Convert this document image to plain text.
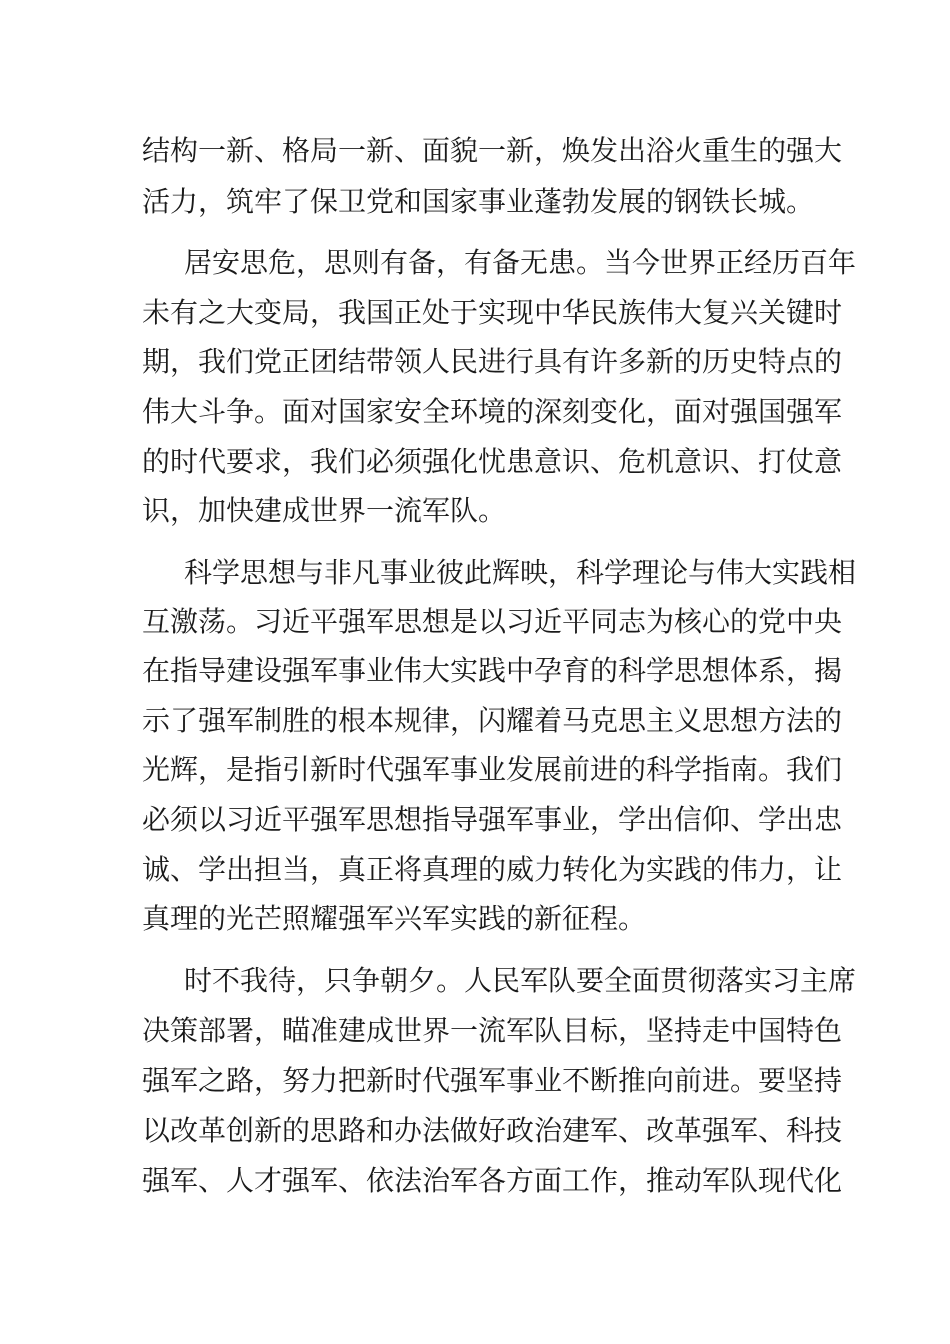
结构一新、格局一新、面貌一新，焕发出浴火重生的强大
活力，筑牢了保卫党和国家事业蓬勃发展的钢铁长城。
居安思危，思则有备，有备无患。当今世界正经历百年
未有之大变局，我国正处于实现中华民族伟大复兴关键时
期，我们党正团结带领人民进行具有许多新的历史特点的
伟大斗争。面对国家安全环境的深刻变化，面对强国强军
的时代要求，我们必须强化忧患意识、危机意识、打仗意
识，加快建成世界一流军队。
科学思想与非凡事业彼此辉映，科学理论与伟大实践相
互激荡。习近平强军思想是以习近平同志为核心的党中央
在指导建设强军事业伟大实践中孕育的科学思想体系，揭
示了强军制胜的根本规律，闪耀着马克思主义思想方法的
光辉，是指引新时代强军事业发展前进的科学指南。我们
必须以习近平强军思想指导强军事业，学出信仰、学出忠
诚、学出担当，真正将真理的威力转化为实践的伟力，让
真理的光芒照耀强军兴军实践的新征程。
时不我待，只争朝夕。人民军队要全面贯彻落实习主席
决策部署，瞄准建成世界一流军队目标，坚持走中国特色
强军之路，努力把新时代强军事业不断推向前进。要坚持
以改革创新的思路和办法做好政治建军、改革强军、科技
强军、人才强军、依法治军各方面工作，推动军队现代化
